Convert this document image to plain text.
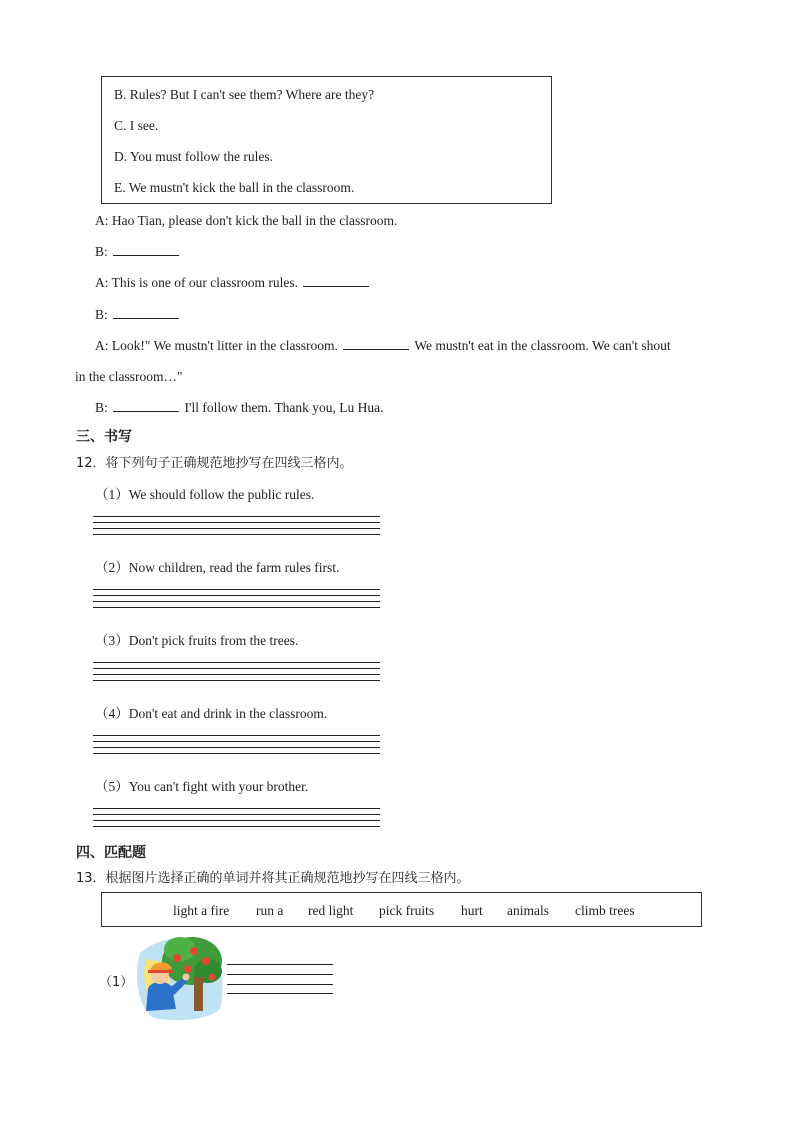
B. Rules? But I can't see them? Where are they?
C. I see.
D. You must follow the rules.
E. We mustn't kick the ball in the classroom.
A: Hao Tian, please don't kick the ball in the classroom.
B:
A: This is one of our classroom rules.
B:
A: Look!" We mustn't litter in the classroom.	We mustn't eat in the classroom. We can't shout
in the classroom…"
B:	I'll follow them. Thank you, Lu Hua.
三、书写
12．将下列句子正确规范地抄写在四线三格内。
（1）We should follow the public rules.
（2）Now children, read the farm rules first.
（3）Don't pick fruits from the trees.
（4）Don't eat and drink in the classroom.
（5）You can't fight with your brother.
四、匹配题
13．根据图片选择正确的单词并将其正确规范地抄写在四线三格内。
light a fire run a red light pick fruits hurt animals climb trees
（1）
